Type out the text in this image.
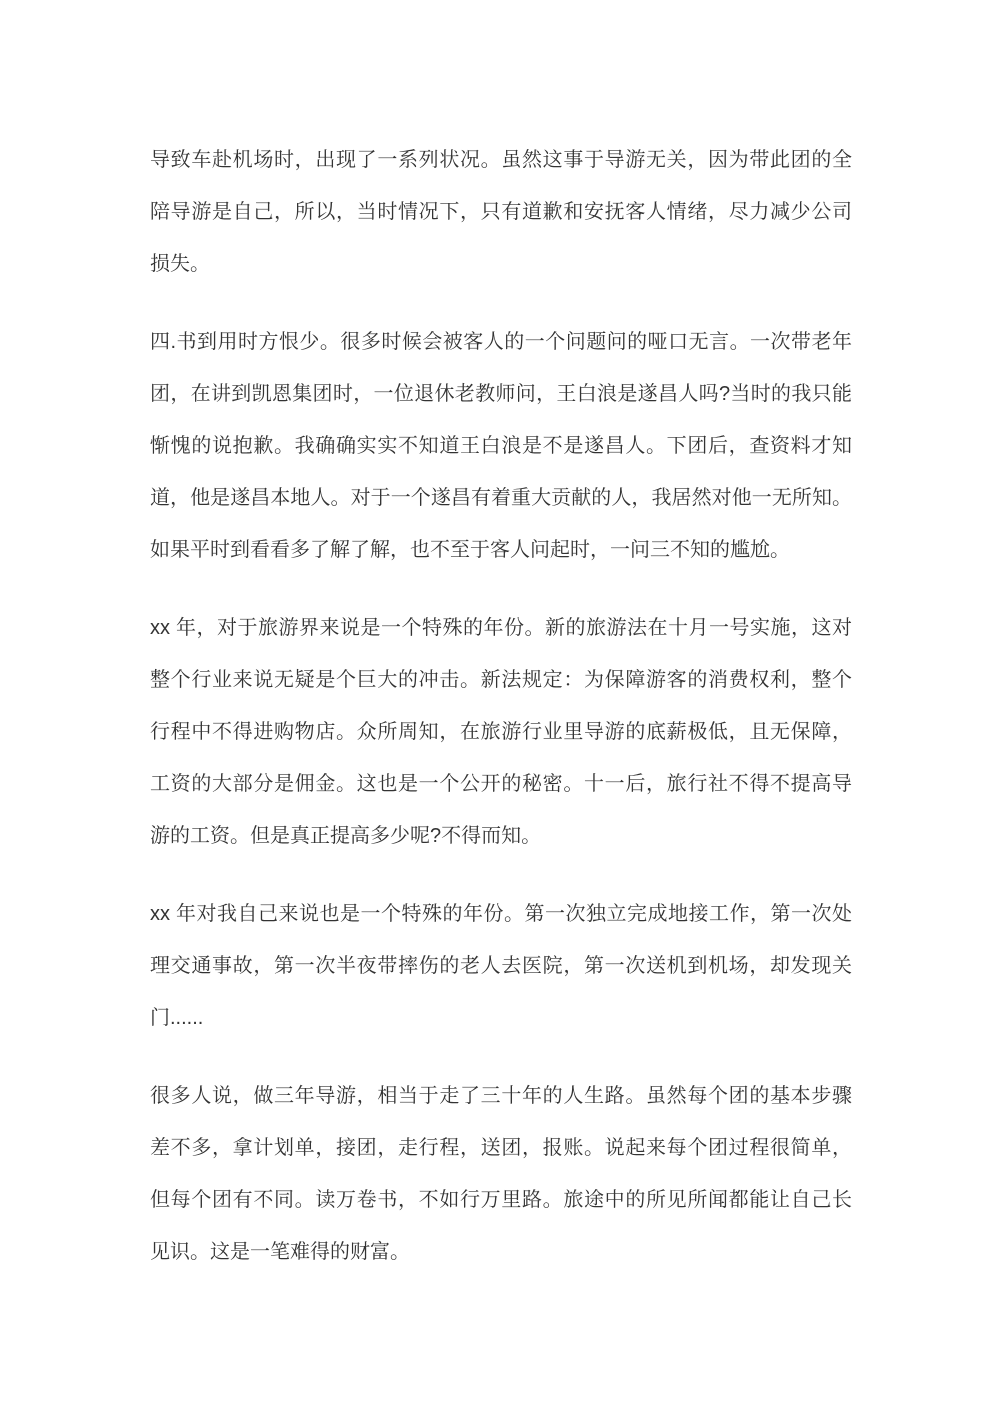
导致车赴机场时，出现了一系列状况。虽然这事于导游无关，因为带此团的全
陪导游是自己，所以，当时情况下，只有道歉和安抚客人情绪，尽力减少公司
损失。

四.书到用时方恨少。很多时候会被客人的一个问题问的哑口无言。一次带老年
团，在讲到凯恩集团时，一位退休老教师问，王白浪是遂昌人吗?当时的我只能
惭愧的说抱歉。我确确实实不知道王白浪是不是遂昌人。下团后，查资料才知
道，他是遂昌本地人。对于一个遂昌有着重大贡献的人，我居然对他一无所知。
如果平时到看看多了解了解，也不至于客人问起时，一问三不知的尴尬。

xx 年，对于旅游界来说是一个特殊的年份。新的旅游法在十月一号实施，这对
整个行业来说无疑是个巨大的冲击。新法规定：为保障游客的消费权利，整个
行程中不得进购物店。众所周知，在旅游行业里导游的底薪极低，且无保障，
工资的大部分是佣金。这也是一个公开的秘密。十一后，旅行社不得不提高导
游的工资。但是真正提高多少呢?不得而知。

xx 年对我自己来说也是一个特殊的年份。第一次独立完成地接工作，第一次处
理交通事故，第一次半夜带摔伤的老人去医院，第一次送机到机场，却发现关
门......

很多人说，做三年导游，相当于走了三十年的人生路。虽然每个团的基本步骤
差不多，拿计划单，接团，走行程，送团，报账。说起来每个团过程很简单，
但每个团有不同。读万卷书，不如行万里路。旅途中的所见所闻都能让自己长
见识。这是一笔难得的财富。
